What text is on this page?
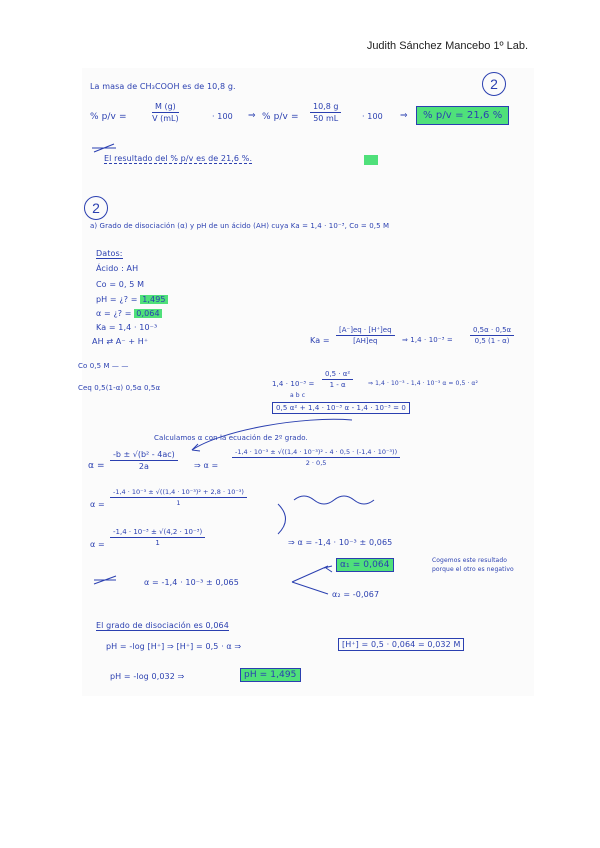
Judith Sánchez Mancebo 1º Lab.
La masa de CH₃COOH es de 10,8 g.	2
% p/v =	$\frac{M (g)}{V (mL)}$	· 100 ⇒ % $p/v = \frac{10,8 g}{50 mL}$	· 100 ⇒	% p/v = 21,6 %
El resultado del % p/v es de 21,6 %.
2
a) Grado de disociación (α) y pH de un ácido (AH) cuya Ka = 1,4 · 10⁻³, Co = 0,5 M
Datos:
Ácido : AH
Co = 0, 5 M
pH = ¿? = 1,495
α = ¿? = 0,064
Ka = 1,4 · 10⁻³
AH ⇄ A⁻ + H⁺
Co 0,5 M — —
Ceq 0,5(1-α) 0,5α 0,5α
$Ka = \frac{[A^-]eq \cdot [H^+]eq}{[AH]eq}$ ⇒ $1,4 \cdot 10^{-3} = \frac{0,5\alpha \cdot 0,5\alpha}{0,5 (1 - \alpha)}$
$1,4 \cdot 10^{-3} = \frac{\text{0,5 · α²}}{1 - \alpha}$ ⇒ 1,4 · 10⁻³ - 1,4 · 10⁻³ α = 0,5 · α²
a b c
0,5 α² + 1,4 · 10⁻³ α - 1,4 · 10⁻³ = 0
Calculamos α con la ecuación de 2º grado.
$\alpha = \frac{\text{-b ± √(b² - 4ac)}}{2a}$ ⇒ $\alpha = \frac{\text{-1,4 · 10⁻³ ± √((1,4 · 10⁻³)² - 4 · 0,5 · (-1,4 · 10⁻³))}}{2 \cdot 0,5}$
$\alpha = \frac{\text{-1,4 · 10⁻³ ± √((1,4 · 10⁻³)² + 2,8 · 10⁻³)}}{1}$
$\alpha = \frac{\text{-1,4 · 10⁻³ ± √(4,2 · 10⁻³)}}{1}$	⇒ α = -1,4 · 10⁻³ ± 0,065
α = -1,4 · 10⁻³ ± 0,065
α₁ = 0,064
α₂ = -0,067
Cogemos este resultado porque el otro es negativo
El grado de disociación es 0,064
pH = -log [H⁺] ⇒ [H⁺] = 0,5 · α ⇒	[H⁺] = 0,5 · 0,064 = 0,032 M
pH = -log 0,032 ⇒	pH = 1,495
